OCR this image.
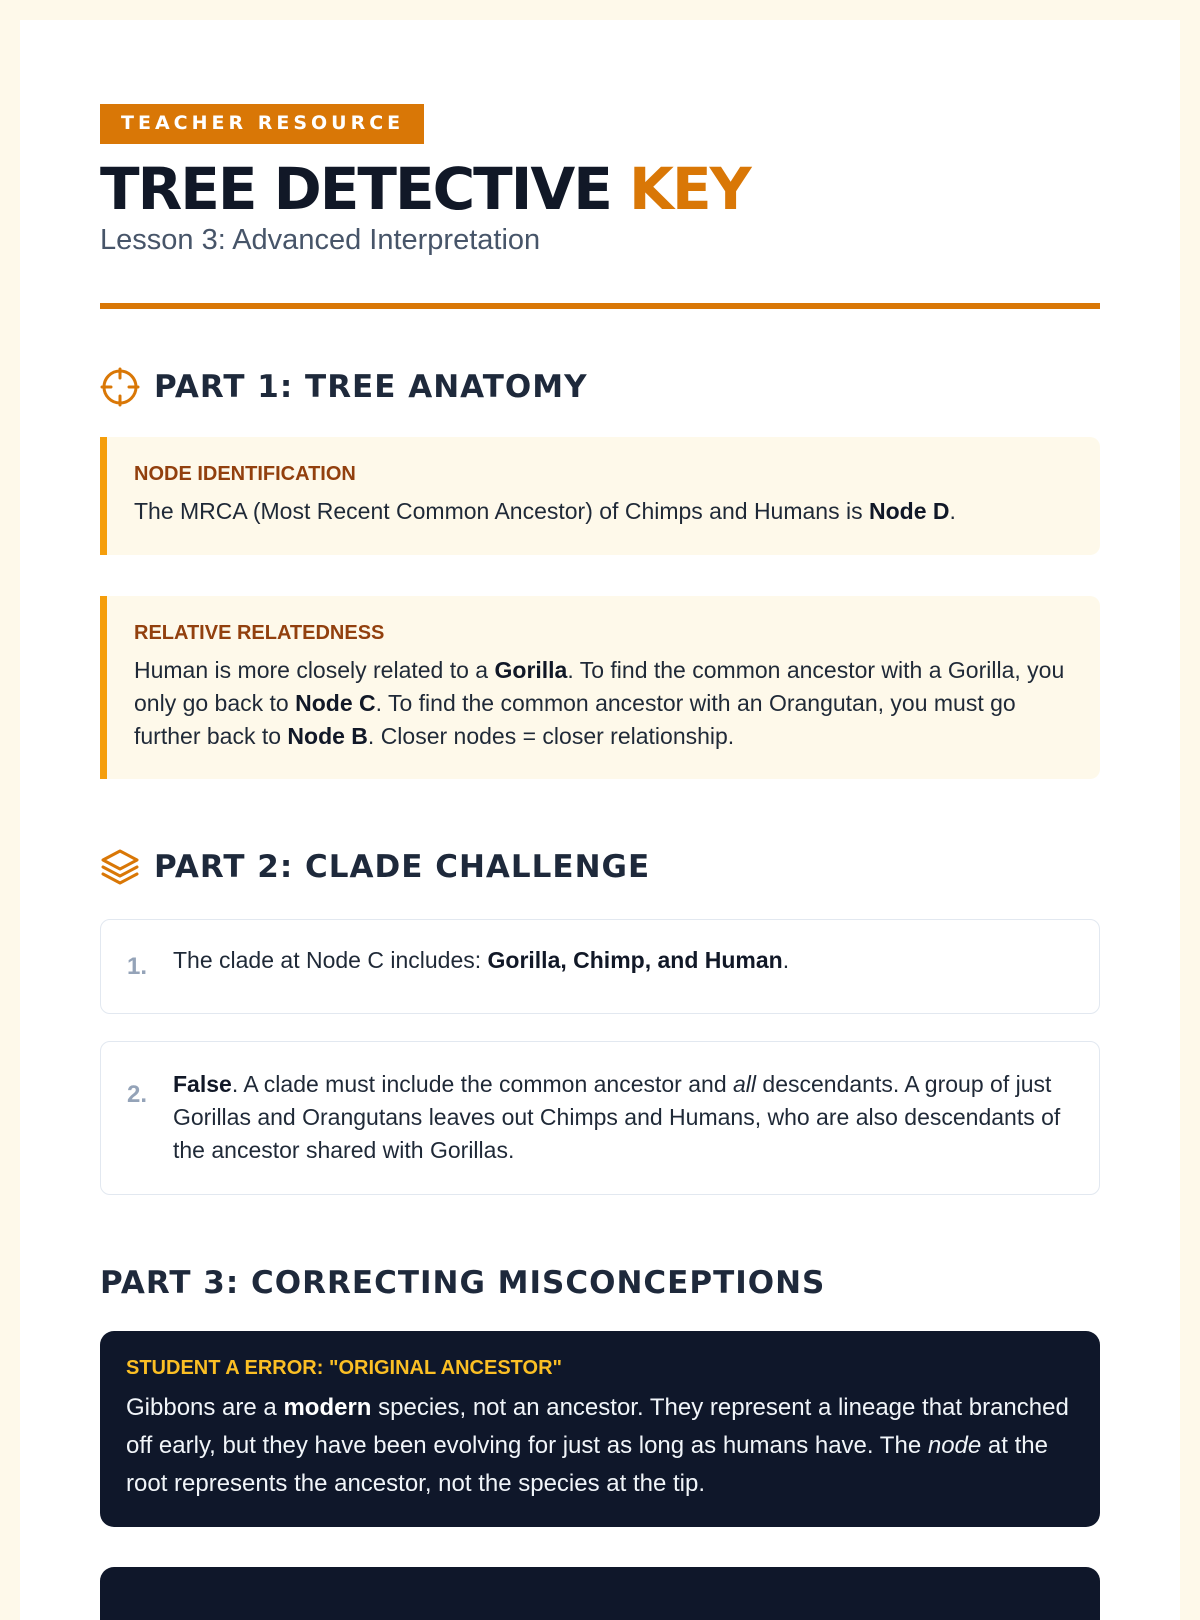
TEACHER RESOURCE
TREE DETECTIVE KEY
Lesson 3: Advanced Interpretation
PART 1: TREE ANATOMY
NODE IDENTIFICATION
The MRCA (Most Recent Common Ancestor) of Chimps and Humans is Node D.
RELATIVE RELATEDNESS
Human is more closely related to a Gorilla. To find the common ancestor with a Gorilla, you only go back to Node C. To find the common ancestor with an Orangutan, you must go further back to Node B. Closer nodes = closer relationship.
PART 2: CLADE CHALLENGE
1.	The clade at Node C includes: Gorilla, Chimp, and Human.
2.	False. A clade must include the common ancestor and all descendants. A group of just Gorillas and Orangutans leaves out Chimps and Humans, who are also descendants of the ancestor shared with Gorillas.
PART 3: CORRECTING MISCONCEPTIONS
STUDENT A ERROR: "ORIGINAL ANCESTOR"
Gibbons are a modern species, not an ancestor. They represent a lineage that branched off early, but they have been evolving for just as long as humans have. The node at the root represents the ancestor, not the species at the tip.
